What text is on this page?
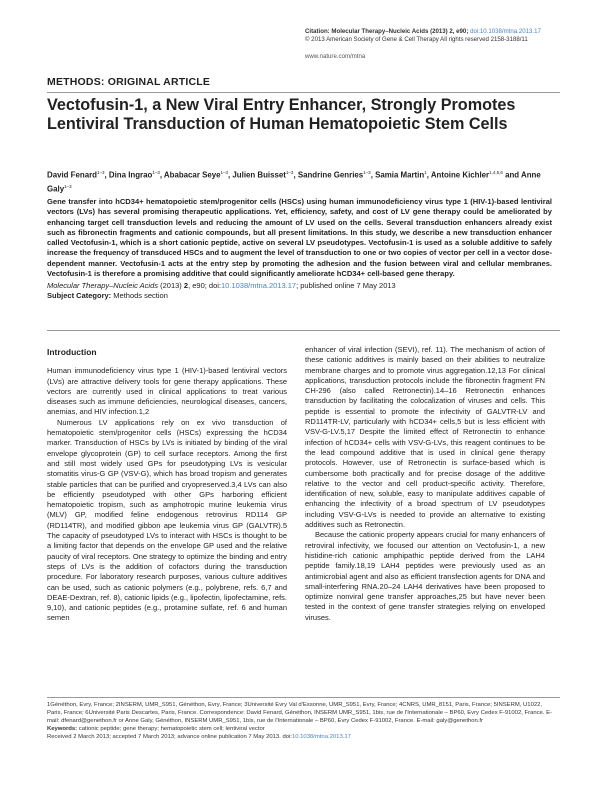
Citation: Molecular Therapy–Nucleic Acids (2013) 2, e90; doi:10.1038/mtna.2013.17
© 2013 American Society of Gene & Cell Therapy All rights reserved 2158-3188/11
www.nature.com/mtna
METHODS: ORIGINAL ARTICLE
Vectofusin-1, a New Viral Entry Enhancer, Strongly Promotes Lentiviral Transduction of Human Hematopoietic Stem Cells
David Fenard$^{1-3}$, Dina Ingrao$^{1-3}$, Ababacar Seye$^{1-3}$, Julien Buisset$^{1-3}$, Sandrine Genries$^{1-3}$, Samia Martin$^1$, Antoine Kichler$^{1,4,5,6}$ and Anne Galy$^{1-3}$
Gene transfer into hCD34+ hematopoietic stem/progenitor cells (HSCs) using human immunodeficiency virus type 1 (HIV-1)-based lentiviral vectors (LVs) has several promising therapeutic applications. Yet, efficiency, safety, and cost of LV gene therapy could be ameliorated by enhancing target cell transduction levels and reducing the amount of LV used on the cells. Several transduction enhancers already exist such as fibronectin fragments and cationic compounds, but all present limitations. In this study, we describe a new transduction enhancer called Vectofusin-1, which is a short cationic peptide, active on several LV pseudotypes. Vectofusin-1 is used as a soluble additive to safely increase the frequency of transduced HSCs and to augment the level of transduction to one or two copies of vector per cell in a vector dose-dependent manner. Vectofusin-1 acts at the entry step by promoting the adhesion and the fusion between viral and cellular membranes. Vectofusin-1 is therefore a promising additive that could significantly ameliorate hCD34+ cell-based gene therapy.
Molecular Therapy–Nucleic Acids (2013) 2, e90; doi:10.1038/mtna.2013.17; published online 7 May 2013
Subject Category: Methods section
Introduction

Human immunodeficiency virus type 1 (HIV-1)-based lentiviral vectors (LVs) are attractive delivery tools for gene therapy applications. These vectors are currently used in clinical applications to treat various diseases such as immune deficiencies, neurological diseases, cancers, anemias, and HIV infection.1,2

Numerous LV applications rely on ex vivo transduction of hematopoietic stem/progenitor cells (HSCs) expressing the hCD34 marker. Transduction of HSCs by LVs is initiated by binding of the viral envelope glycoprotein (GP) to cell surface receptors. Among the first and still most widely used GPs for pseudotyping LVs is vesicular stomatitis virus-G GP (VSV-G), which has broad tropism and generates stable particles that can be purified and cryopreserved.3,4 LVs can also be efficiently pseudotyped with other GPs harboring efficient hematopoietic tropism, such as amphotropic murine leukemia virus (MLV) GP, modified feline endogenous retrovirus RD114 GP (RD114TR), and modified gibbon ape leukemia virus GP (GALVTR).5 The capacity of pseudotyped LVs to interact with HSCs is thought to be a limiting factor that depends on the envelope GP used and the relative paucity of viral receptors. One strategy to optimize the binding and entry steps of LVs is the addition of cofactors during the transduction procedure. For laboratory research purposes, various culture additives can be used, such as cationic polymers (e.g., polybrene, refs. 6,7 and DEAE-Dextran, ref. 8), cationic lipids (e.g., lipofectin, lipofectamine, refs. 9,10), and cationic peptides (e.g., protamine sulfate, ref. 6 and human semen

enhancer of viral infection (SEVI), ref. 11). The mechanism of action of these cationic additives is mainly based on their abilities to neutralize membrane charges and to promote virus aggregation.12,13 For clinical applications, transduction protocols include the fibronectin fragment FN CH-296 (also called Retronectin).14–16 Retronectin enhances transduction by facilitating the colocalization of viruses and cells. This peptide is essential to promote the infectivity of GALVTR-LV and RD114TR-LV, particularly with hCD34+ cells,5 but is less efficient with VSV-G-LV.5,17 Despite the limited effect of Retronectin to enhance infection of hCD34+ cells with VSV-G-LVs, this reagent continues to be the lead compound additive that is used in clinical gene therapy protocols. However, use of Retronectin is surface-based which is cumbersome both practically and for precise dosage of the additive relative to the vector and cell product-specific activity. Therefore, identification of new, soluble, easy to manipulate additives capable of enhancing the infectivity of a broad spectrum of LV pseudotypes including VSV-G-LVs is needed to provide an alternative to existing additives such as Retronectin.

Because the cationic property appears crucial for many enhancers of retroviral infectivity, we focused our attention on Vectofusin-1, a new histidine-rich cationic amphipathic peptide derived from the LAH4 peptide family.18,19 LAH4 peptides were previously used as an antimicrobial agent and also as efficient transfection agents for DNA and small-interfering RNA.20–24 LAH4 derivatives have been proposed to optimize nonviral gene transfer approaches,25 but have never been tested in the context of gene transfer strategies relying on enveloped viruses.

1Généthon, Evry, France; 2INSERM, UMR_S951, Généthon, Evry, France; 3Université Evry Val d'Essonne, UMR_S951, Evry, France; 4CNRS, UMR_8151, Paris, France; 5INSERM, U1022, Paris, France; 6Université Paris Descartes, Paris, France. Correspondence: David Fenard, Généthon, INSERM UMR_S951, 1bis, rue de l'Internationale – BP60, Evry Cedex F-91002, France. E-mail: dfenard@genethon.fr or Anne Galy, Généthon, INSERM UMR_S951, 1bis, rue de l'Internationale – BP60, Evry Cedex F-91002, France. E-mail: galy@genethon.fr
Keywords: cationic peptide; gene therapy; hematopoietic stem cell; lentiviral vector
Received 2 March 2013; accepted 7 March 2013; advance online publication 7 May 2013. doi:10.1038/mtna.2013.17
